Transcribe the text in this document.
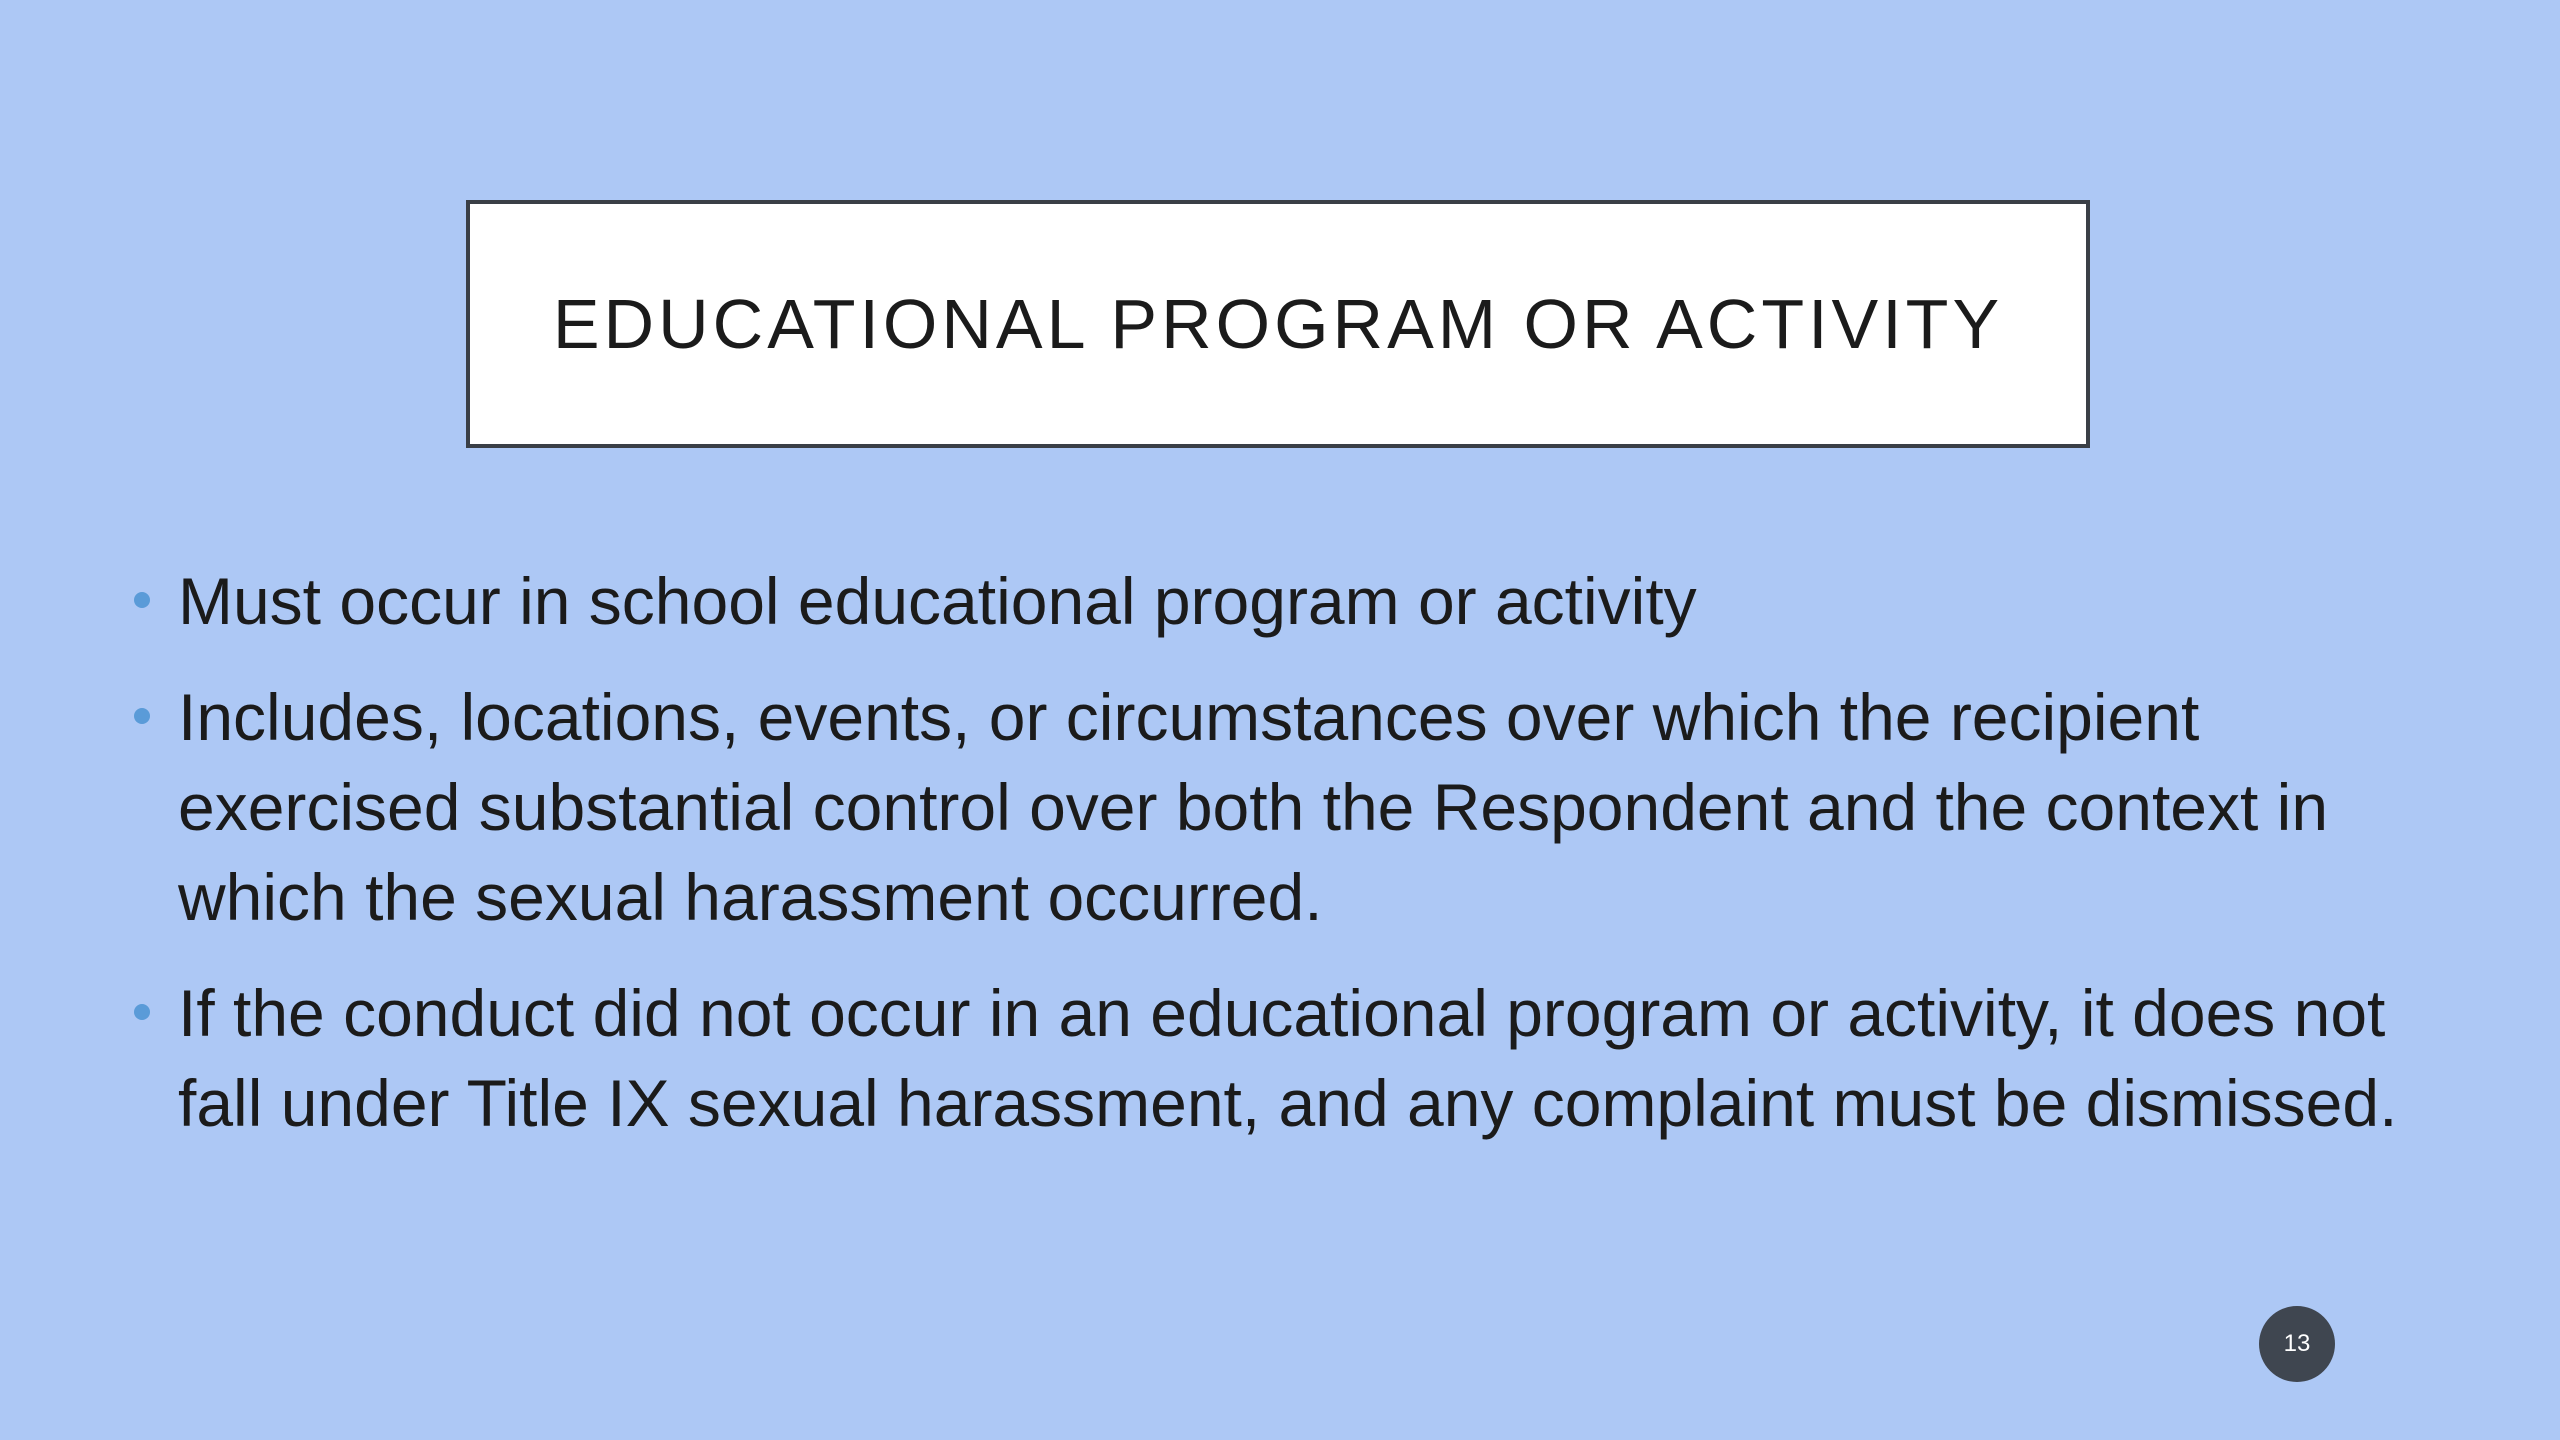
EDUCATIONAL PROGRAM OR ACTIVITY
Must occur in school educational program or activity
Includes, locations, events, or circumstances over which the recipient exercised substantial control over both the Respondent and the context in which the sexual harassment occurred.
If the conduct did not occur in an educational program or activity, it does not fall under Title IX sexual harassment, and any complaint must be dismissed.
13
